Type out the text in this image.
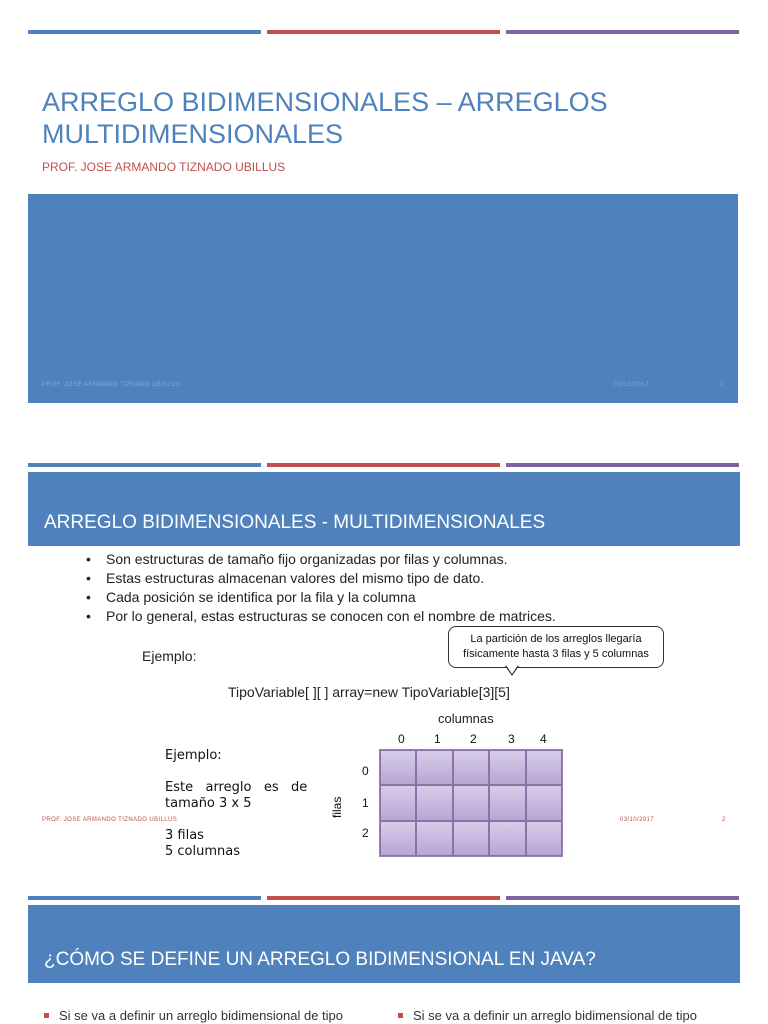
ARREGLO BIDIMENSIONALES – ARREGLOS
MULTIDIMENSIONALES
PROF. JOSE ARMANDO TIZNADO UBILLUS
PROF. JOSE ARMANDO TIZNADO UBILLUS	03/10/2017	1
ARREGLO BIDIMENSIONALES - MULTIDIMENSIONALES
• Son estructuras de tamaño fijo organizadas por filas y columnas.
• Estas estructuras almacenan valores del mismo tipo de dato.
• Cada posición se identifica por la fila y la columna
• Por lo general, estas estructuras se conocen con el nombre de matrices.
Ejemplo:
La partición de los arreglos llegaría
físicamente hasta 3 filas y 5 columnas
TipoVariable[ ][ ] array=new TipoVariable[3][5]
Ejemplo:
Este   arreglo   es   de
tamaño 3 x 5
3 filas
5 columnas
columnas
0 1 2	3 4
0
1
2
filas
PROF. JOSE ARMANDO TIZNADO UBILLUS	03/10/2017	2
¿CÓMO SE DEFINE UN ARREGLO BIDIMENSIONAL EN JAVA?
Si se va a definir un arreglo bidimensional de tipo	Si se va a definir un arreglo bidimensional de tipo
